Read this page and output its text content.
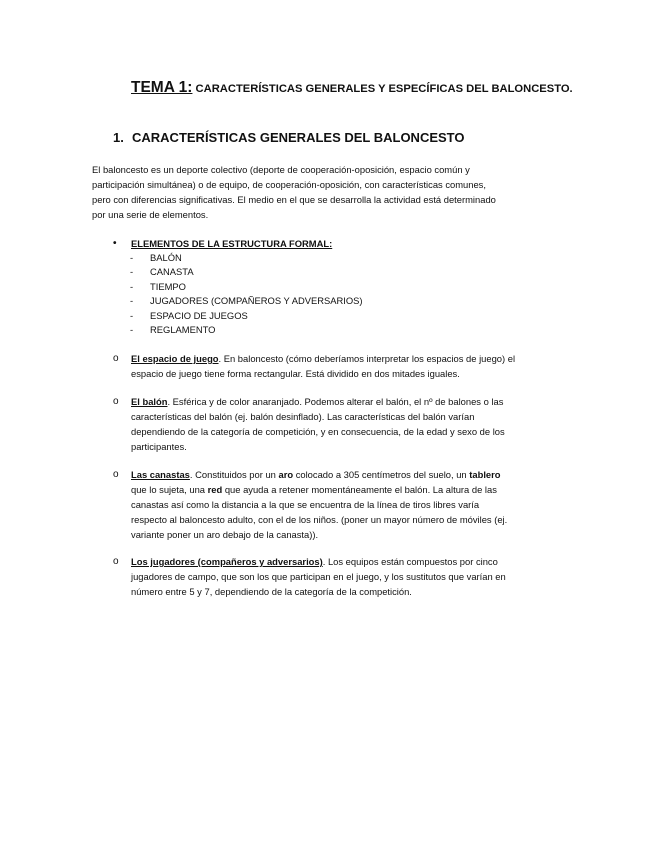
TEMA 1: CARACTERÍSTICAS GENERALES Y ESPECÍFICAS DEL BALONCESTO.
1. CARACTERÍSTICAS GENERALES DEL BALONCESTO
El baloncesto es un deporte colectivo (deporte de cooperación-oposición, espacio común y
participación simultánea) o de equipo, de cooperación-oposición, con características comunes,
pero con diferencias significativas. El medio en el que se desarrolla la actividad está determinado
por una serie de elementos.
• ELEMENTOS DE LA ESTRUCTURA FORMAL:
- BALÓN
- CANASTA
- TIEMPO
- JUGADORES (COMPAÑEROS Y ADVERSARIOS)
- ESPACIO DE JUEGOS
- REGLAMENTO
o El espacio de juego. En baloncesto (cómo deberíamos interpretar los espacios de juego) el
espacio de juego tiene forma rectangular. Está dividido en dos mitades iguales.
o El balón. Esférica y de color anaranjado. Podemos alterar el balón, el nº de balones o las
características del balón (ej. balón desinflado). Las características del balón varían
dependiendo de la categoría de competición, y en consecuencia, de la edad y sexo de los
participantes.
o Las canastas. Constituidos por un aro colocado a 305 centímetros del suelo, un tablero
que lo sujeta, una red que ayuda a retener momentáneamente el balón. La altura de las
canastas así como la distancia a la que se encuentra de la línea de tiros libres varía
respecto al baloncesto adulto, con el de los niños. (poner un mayor número de móviles (ej.
variante poner un aro debajo de la canasta)).
o Los jugadores (compañeros y adversarios). Los equipos están compuestos por cinco
jugadores de campo, que son los que participan en el juego, y los sustitutos que varían en
número entre 5 y 7, dependiendo de la categoría de la competición.
